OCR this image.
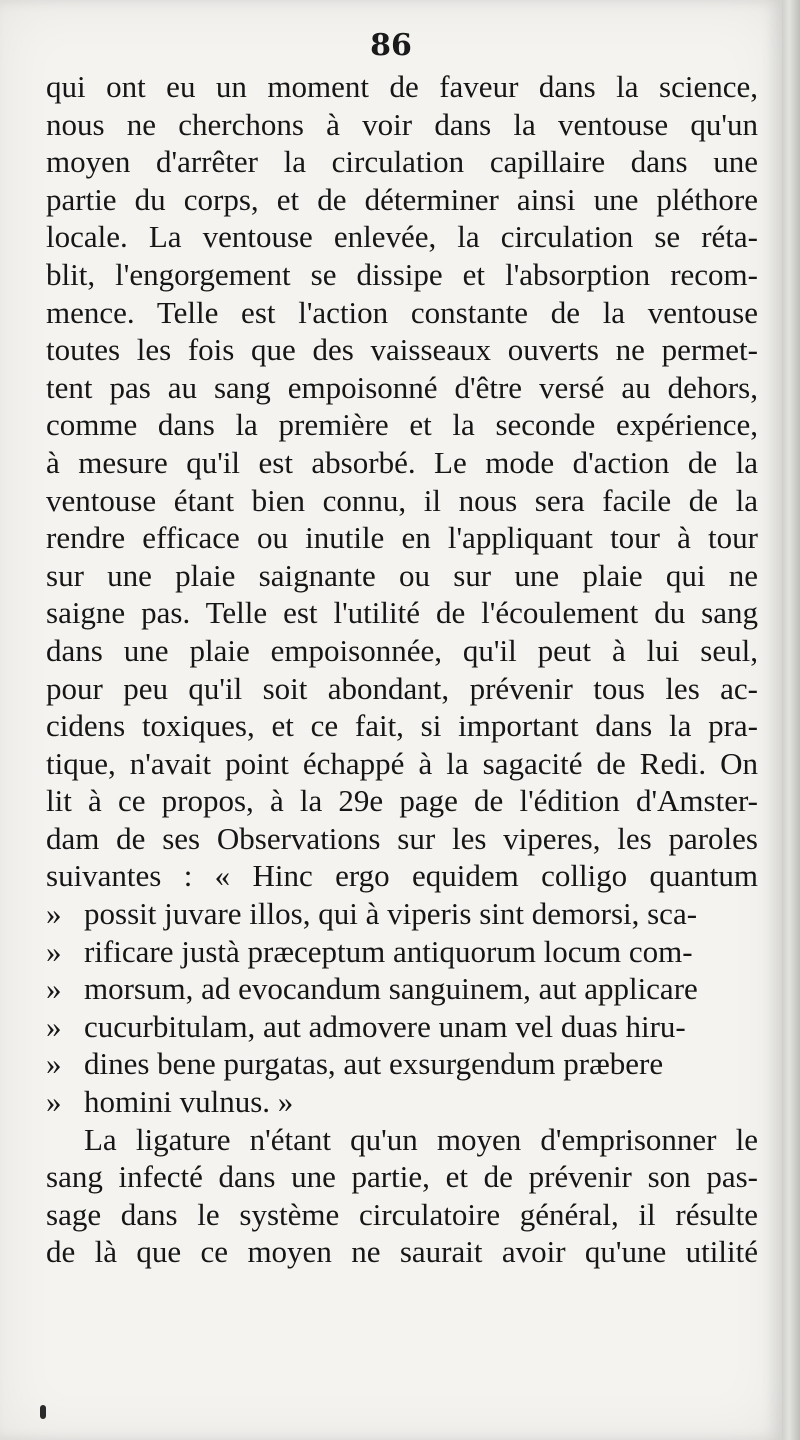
86
qui ont eu un moment de faveur dans la science,
nous ne cherchons à voir dans la ventouse qu'un
moyen d'arrêter la circulation capillaire dans une
partie du corps, et de déterminer ainsi une pléthore
locale. La ventouse enlevée, la circulation se réta-
blit, l'engorgement se dissipe et l'absorption recom-
mence. Telle est l'action constante de la ventouse
toutes les fois que des vaisseaux ouverts ne permet-
tent pas au sang empoisonné d'être versé au dehors,
comme dans la première et la seconde expérience,
à mesure qu'il est absorbé. Le mode d'action de la
ventouse étant bien connu, il nous sera facile de la
rendre efficace ou inutile en l'appliquant tour à tour
sur une plaie saignante ou sur une plaie qui ne
saigne pas. Telle est l'utilité de l'écoulement du sang
dans une plaie empoisonnée, qu'il peut à lui seul,
pour peu qu'il soit abondant, prévenir tous les ac-
cidens toxiques, et ce fait, si important dans la pra-
tique, n'avait point échappé à la sagacité de Redi. On
lit à ce propos, à la 29e page de l'édition d'Amster-
dam de ses Observations sur les viperes, les paroles
suivantes : « Hinc ergo equidem colligo quantum
» possit juvare illos, qui à viperis sint demorsi, sca-
» rificare justà præceptum antiquorum locum com-
» morsum, ad evocandum sanguinem, aut applicare
» cucurbitulam, aut admovere unam vel duas hiru-
» dines bene purgatas, aut exsurgendum præbere
» homini vulnus. »
La ligature n'étant qu'un moyen d'emprisonner le
sang infecté dans une partie, et de prévenir son pas-
sage dans le système circulatoire général, il résulte
de là que ce moyen ne saurait avoir qu'une utilité
